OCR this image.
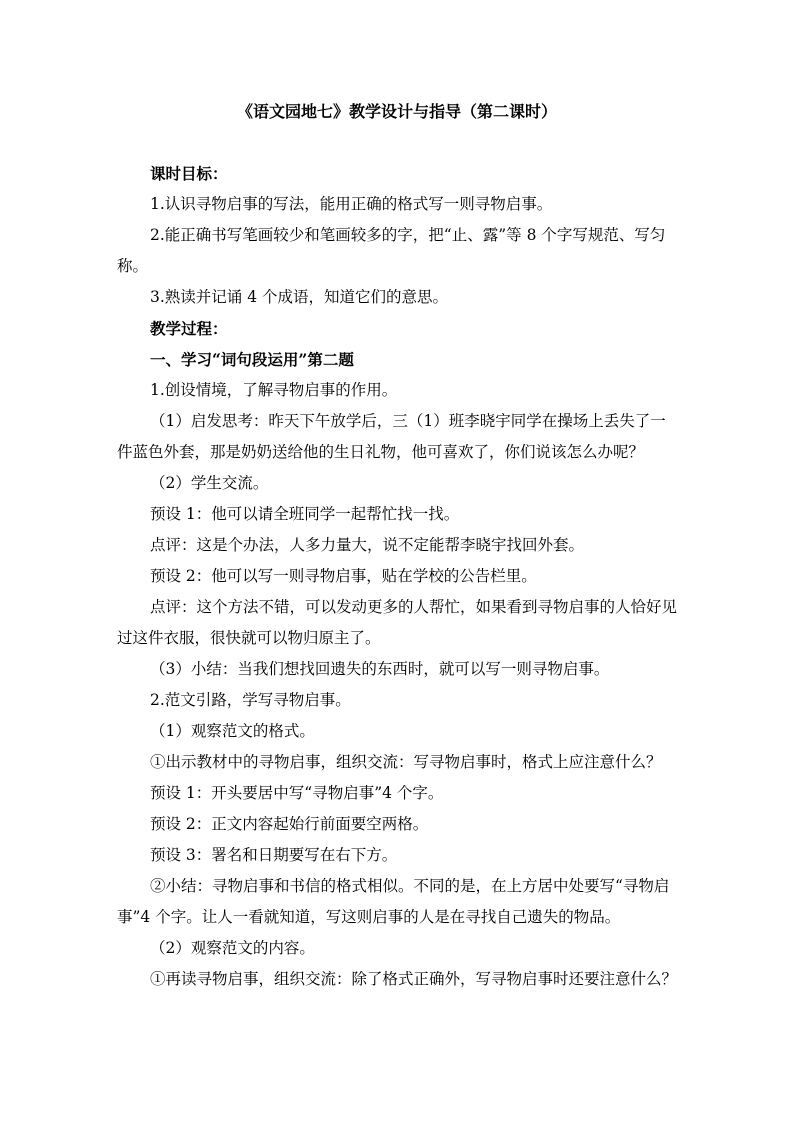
《语文园地七》教学设计与指导（第二课时）

课时目标：

1.认识寻物启事的写法，能用正确的格式写一则寻物启事。

2.能正确书写笔画较少和笔画较多的字，把“止、露”等 8 个字写规范、写匀称。

3.熟读并记诵 4 个成语，知道它们的意思。

教学过程：

一、学习“词句段运用”第二题

1.创设情境，了解寻物启事的作用。

（1）启发思考：昨天下午放学后，三（1）班李晓宇同学在操场上丢失了一件蓝色外套，那是奶奶送给他的生日礼物，他可喜欢了，你们说该怎么办呢？

（2）学生交流。

预设 1：他可以请全班同学一起帮忙找一找。

点评：这是个办法，人多力量大，说不定能帮李晓宇找回外套。

预设 2：他可以写一则寻物启事，贴在学校的公告栏里。

点评：这个方法不错，可以发动更多的人帮忙，如果看到寻物启事的人恰好见过这件衣服，很快就可以物归原主了。

（3）小结：当我们想找回遗失的东西时，就可以写一则寻物启事。

2.范文引路，学写寻物启事。

（1）观察范文的格式。

①出示教材中的寻物启事，组织交流：写寻物启事时，格式上应注意什么？

预设 1：开头要居中写“寻物启事”4 个字。

预设 2：正文内容起始行前面要空两格。

预设 3：署名和日期要写在右下方。

②小结：寻物启事和书信的格式相似。不同的是，在上方居中处要写“寻物启事”4 个字。让人一看就知道，写这则启事的人是在寻找自己遗失的物品。

（2）观察范文的内容。

①再读寻物启事，组织交流：除了格式正确外，写寻物启事时还要注意什么？
